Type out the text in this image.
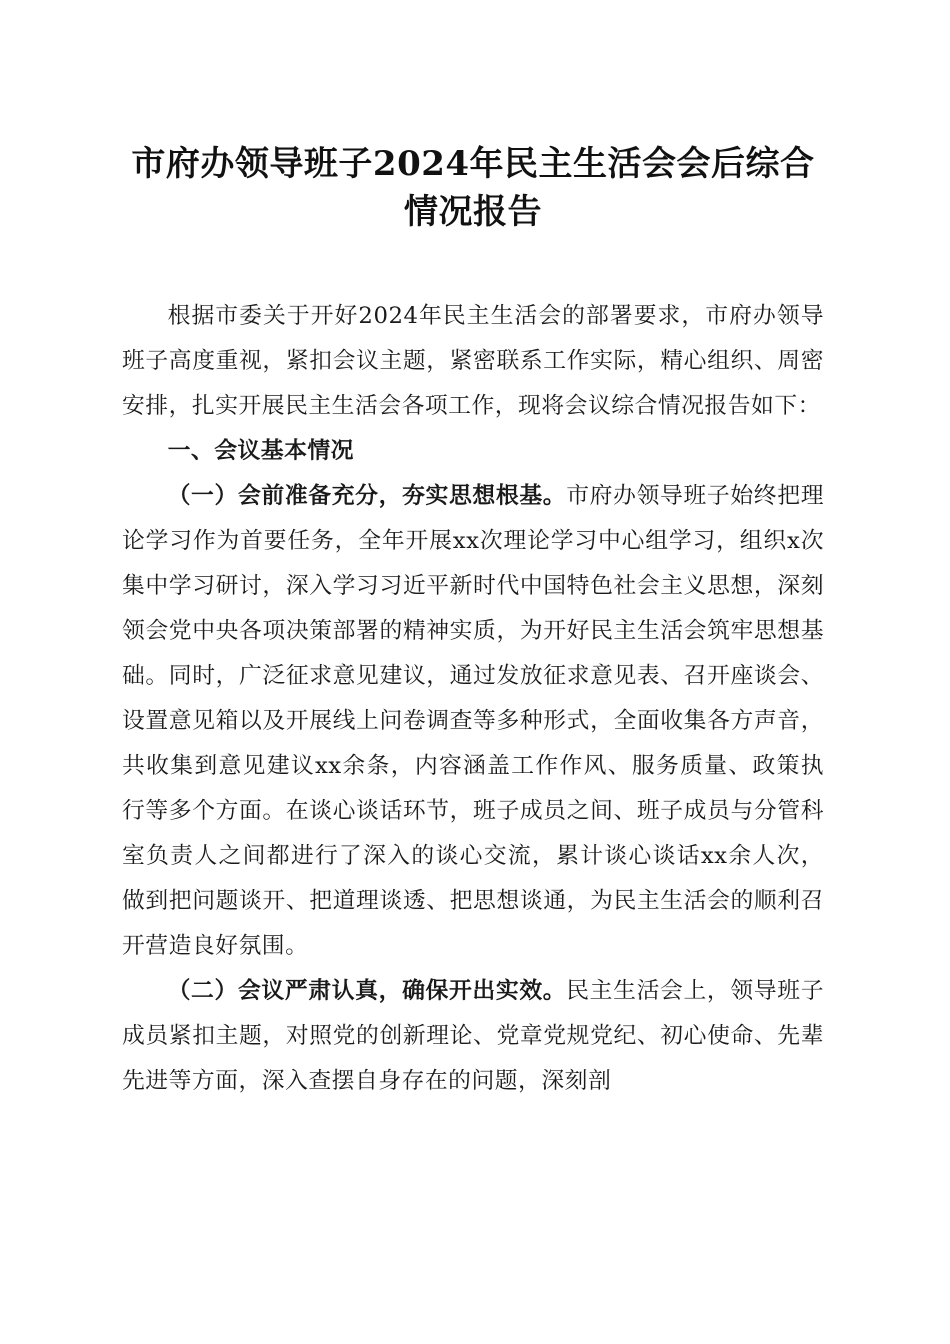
市府办领导班子2024年民主生活会会后综合
情况报告

根据市委关于开好2024年民主生活会的部署要求，市府办领导班子高度重视，紧扣会议主题，紧密联系工作实际，精心组织、周密安排，扎实开展民主生活会各项工作，现将会议综合情况报告如下：

一、会议基本情况

（一）会前准备充分，夯实思想根基。市府办领导班子始终把理论学习作为首要任务，全年开展xx次理论学习中心组学习，组织x次集中学习研讨，深入学习习近平新时代中国特色社会主义思想，深刻领会党中央各项决策部署的精神实质，为开好民主生活会筑牢思想基础。同时，广泛征求意见建议，通过发放征求意见表、召开座谈会、设置意见箱以及开展线上问卷调查等多种形式，全面收集各方声音，共收集到意见建议xx余条，内容涵盖工作作风、服务质量、政策执行等多个方面。在谈心谈话环节，班子成员之间、班子成员与分管科室负责人之间都进行了深入的谈心交流，累计谈心谈话xx余人次，做到把问题谈开、把道理谈透、把思想谈通，为民主生活会的顺利召开营造良好氛围。

（二）会议严肃认真，确保开出实效。民主生活会上，领导班子成员紧扣主题，对照党的创新理论、党章党规党纪、初心使命、先辈先进等方面，深入查摆自身存在的问题，深刻剖
